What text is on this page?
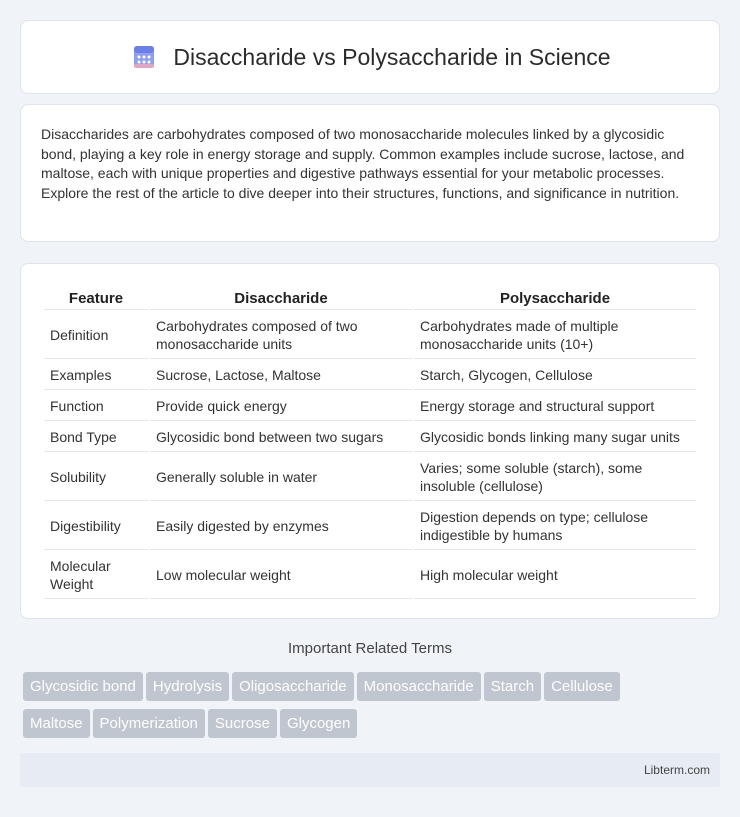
Disaccharide vs Polysaccharide in Science

Disaccharides are carbohydrates composed of two monosaccharide molecules linked by a glycosidic bond, playing a key role in energy storage and supply. Common examples include sucrose, lactose, and maltose, each with unique properties and digestive pathways essential for your metabolic processes. Explore the rest of the article to dive deeper into their structures, functions, and significance in nutrition.

Feature	Disaccharide	Polysaccharide
Definition	Carbohydrates composed of two monosaccharide units	Carbohydrates made of multiple monosaccharide units (10+)
Examples	Sucrose, Lactose, Maltose	Starch, Glycogen, Cellulose
Function	Provide quick energy	Energy storage and structural support
Bond Type	Glycosidic bond between two sugars	Glycosidic bonds linking many sugar units
Solubility	Generally soluble in water	Varies; some soluble (starch), some insoluble (cellulose)
Digestibility	Easily digested by enzymes	Digestion depends on type; cellulose indigestible by humans
Molecular Weight	Low molecular weight	High molecular weight
Important Related Terms
Glycosidic bond Hydrolysis Oligosaccharide Monosaccharide Starch Cellulose
Maltose Polymerization Sucrose Glycogen
Libterm.com
